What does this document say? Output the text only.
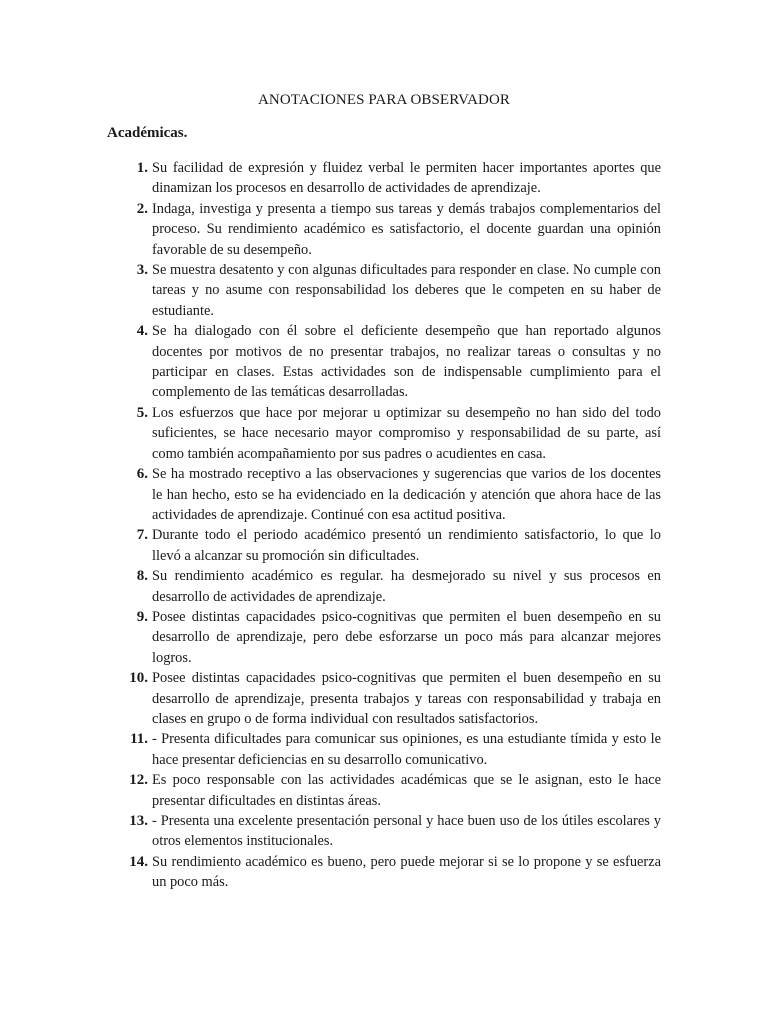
ANOTACIONES PARA OBSERVADOR
Académicas.
1. Su facilidad de expresión y fluidez verbal le permiten hacer importantes aportes que dinamizan los procesos en desarrollo de actividades de aprendizaje.
2. Indaga, investiga y presenta a tiempo sus tareas y demás trabajos complementarios del proceso. Su rendimiento académico es satisfactorio, el docente guardan una opinión favorable de su desempeño.
3. Se muestra desatento y con algunas dificultades para responder en clase. No cumple con tareas y no asume con responsabilidad los deberes que le competen en su haber de estudiante.
4. Se ha dialogado con él sobre el deficiente desempeño que han reportado algunos docentes por motivos de no presentar trabajos, no realizar tareas o consultas y no participar en clases. Estas actividades son de indispensable cumplimiento para el complemento de las temáticas desarrolladas.
5. Los esfuerzos que hace por mejorar u optimizar su desempeño no han sido del todo suficientes, se hace necesario mayor compromiso y responsabilidad de su parte, así como también acompañamiento por sus padres o acudientes en casa.
6. Se ha mostrado receptivo a las observaciones y sugerencias que varios de los docentes le han hecho, esto se ha evidenciado en la dedicación y atención que ahora hace de las actividades de aprendizaje. Continué con esa actitud positiva.
7. Durante todo el periodo académico presentó un rendimiento satisfactorio, lo que lo llevó a alcanzar su promoción sin dificultades.
8. Su rendimiento académico es regular. ha desmejorado su nivel y sus procesos en desarrollo de actividades de aprendizaje.
9. Posee distintas capacidades psico-cognitivas que permiten el buen desempeño en su desarrollo de aprendizaje, pero debe esforzarse un poco más para alcanzar mejores logros.
10. Posee distintas capacidades psico-cognitivas que permiten el buen desempeño en su desarrollo de aprendizaje, presenta trabajos y tareas con responsabilidad y trabaja en clases en grupo o de forma individual con resultados satisfactorios.
11. - Presenta dificultades para comunicar sus opiniones, es una estudiante tímida y esto le hace presentar deficiencias en su desarrollo comunicativo.
12. Es poco responsable con las actividades académicas que se le asignan, esto le hace presentar dificultades en distintas áreas.
13. - Presenta una excelente presentación personal y hace buen uso de los útiles escolares y otros elementos institucionales.
14. Su rendimiento académico es bueno, pero puede mejorar si se lo propone y se esfuerza un poco más.
